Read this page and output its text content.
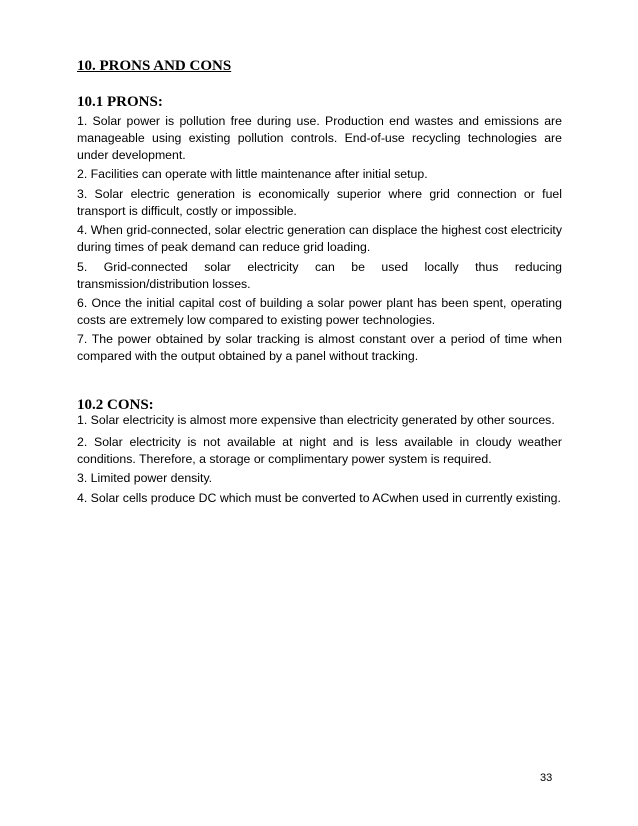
10. PRONS AND CONS
10.1 PRONS:

1. Solar power is pollution free during use. Production end wastes and emissions are manageable using existing pollution controls. End-of-use recycling technologies are under development.

2. Facilities can operate with little maintenance after initial setup.

3. Solar electric generation is economically superior where grid connection or fuel transport is difficult, costly or impossible.

4. When grid-connected, solar electric generation can displace the highest cost electricity during times of peak demand can reduce grid loading.

5. Grid-connected solar electricity can be used locally thus reducing transmission/distribution losses.

6. Once the initial capital cost of building a solar power plant has been spent, operating costs are extremely low compared to existing power technologies.

7. The power obtained by solar tracking is almost constant over a period of time when compared with the output obtained by a panel without tracking.

10.2 CONS:

1. Solar electricity is almost more expensive than electricity generated by other sources.

2. Solar electricity is not available at night and is less available in cloudy weather conditions. Therefore, a storage or complimentary power system is required.

3. Limited power density.

4. Solar cells produce DC which must be converted to ACwhen used in currently existing.

33
